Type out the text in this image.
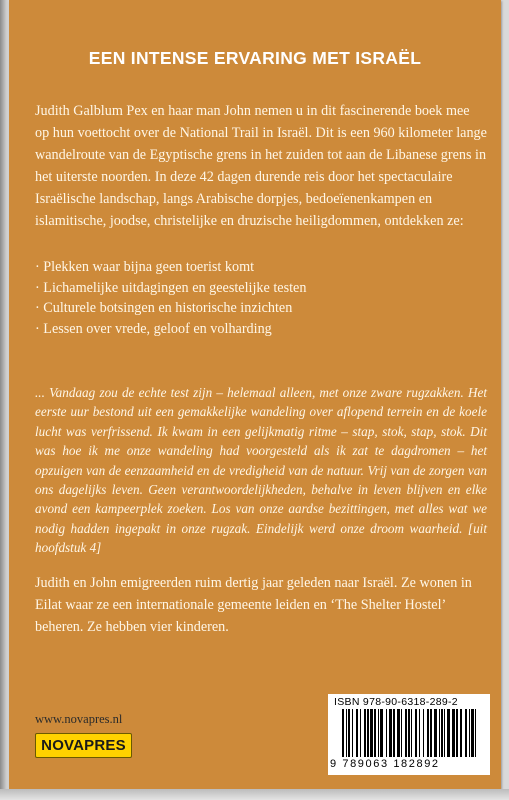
EEN INTENSE ERVARING MET ISRAËL

Judith Galblum Pex en haar man John nemen u in dit fascinerende boek mee op hun voettocht over de National Trail in Israël. Dit is een 960 kilometer lange wandelroute van de Egyptische grens in het zuiden tot aan de Libanese grens in het uiterste noorden. In deze 42 dagen durende reis door het spectaculaire Israëlische landschap, langs Arabische dorpjes, bedoeïenenkampen en islamitische, joodse, christelijke en druzische heiligdommen, ontdekken ze:

· Plekken waar bijna geen toerist komt
· Lichamelijke uitdagingen en geestelijke testen
· Culturele botsingen en historische inzichten
· Lessen over vrede, geloof en volharding

... Vandaag zou de echte test zijn – helemaal alleen, met onze zware rugzakken. Het eerste uur bestond uit een gemakkelijke wandeling over aflopend terrein en de koele lucht was verfrissend. Ik kwam in een gelijkmatig ritme – stap, stok, stap, stok. Dit was hoe ik me onze wandeling had voorgesteld als ik zat te dagdromen – het opzuigen van de eenzaamheid en de vredigheid van de natuur. Vrij van de zorgen van ons dagelijks leven. Geen verantwoordelijkheden, behalve in leven blijven en elke avond een kampeerplek zoeken. Los van onze aardse bezittingen, met alles wat we nodig hadden ingepakt in onze rugzak. Eindelijk werd onze droom waarheid. [uit hoofdstuk 4]

Judith en John emigreerden ruim dertig jaar geleden naar Israël. Ze wonen in Eilat waar ze een internationale gemeente leiden en ‘The Shelter Hostel’ beheren. Ze hebben vier kinderen.

www.novapres.nl
NOVAPRES
ISBN 978-90-6318-289-2
9 789063 182892
